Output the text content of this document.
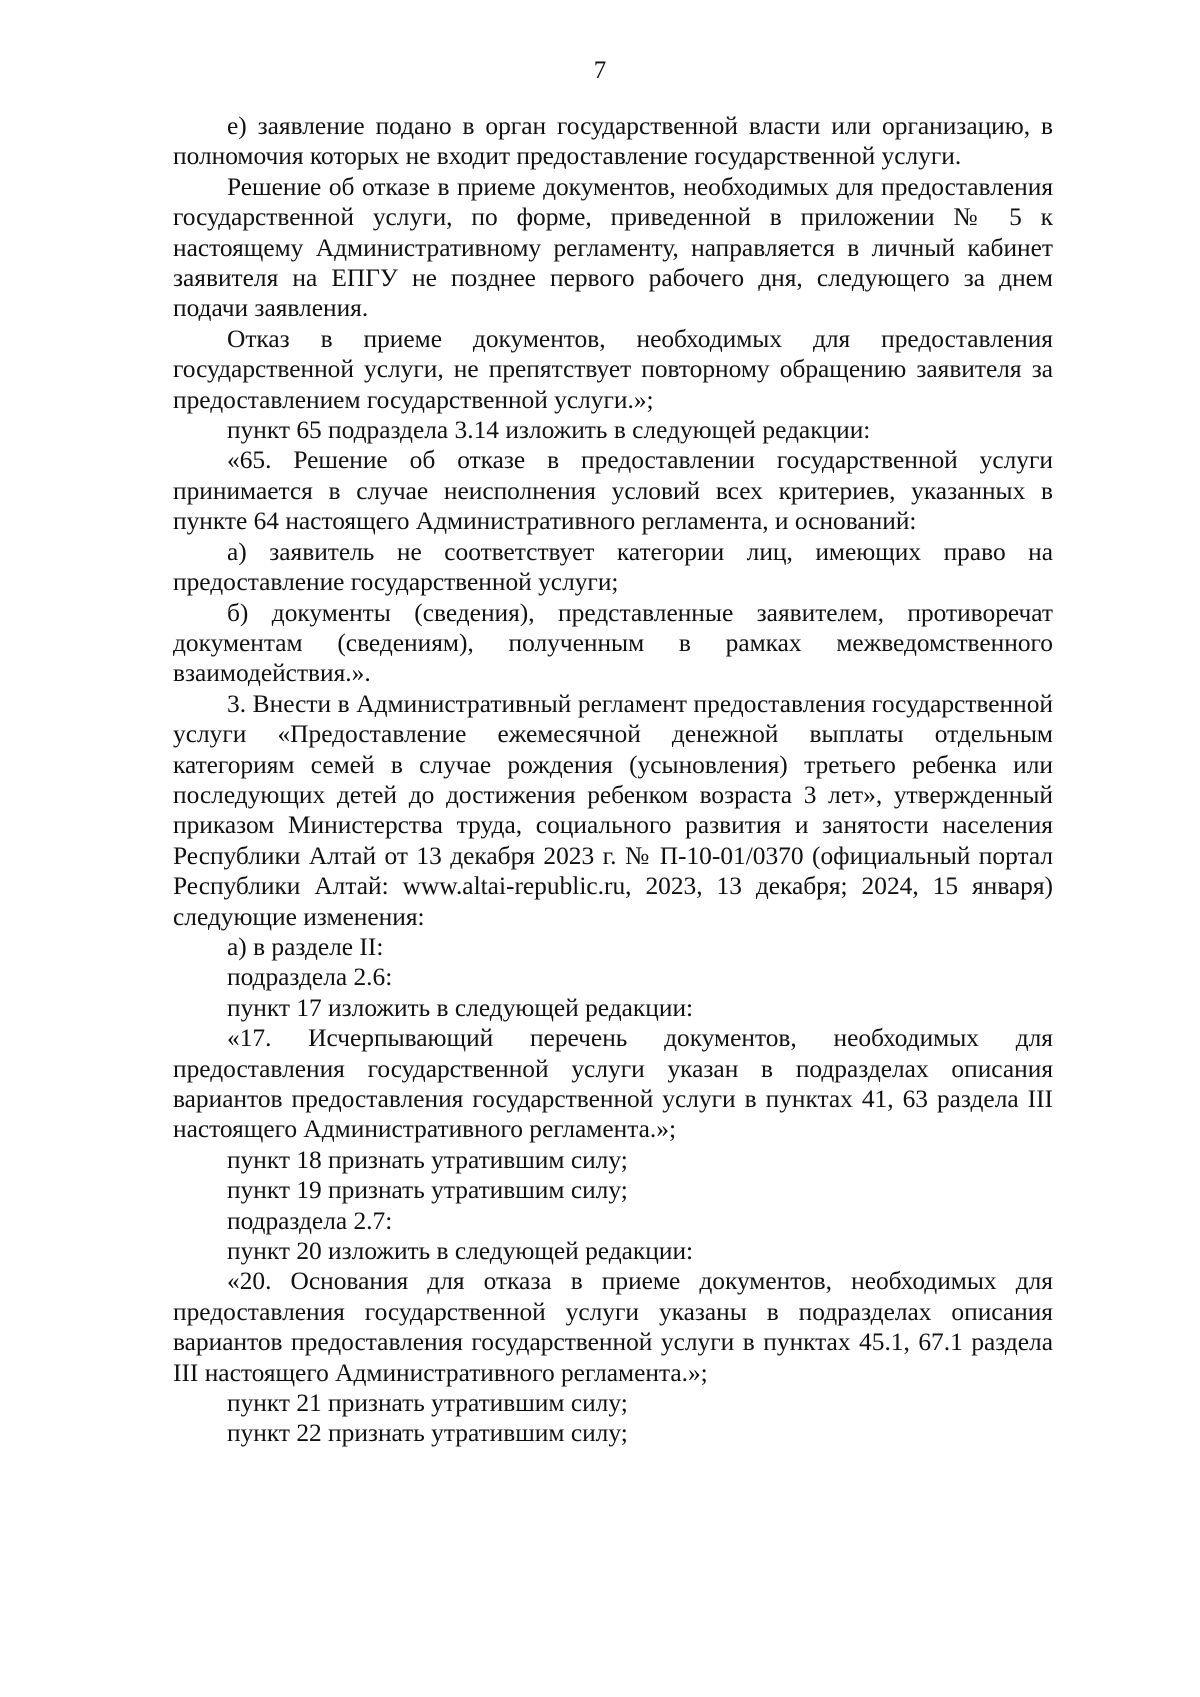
7

е) заявление подано в орган государственной власти или организацию, в полномочия которых не входит предоставление государственной услуги.

Решение об отказе в приеме документов, необходимых для предоставления государственной услуги, по форме, приведенной в приложении № 5 к настоящему Административному регламенту, направляется в личный кабинет заявителя на ЕПГУ не позднее первого рабочего дня, следующего за днем подачи заявления.

Отказ в приеме документов, необходимых для предоставления государственной услуги, не препятствует повторному обращению заявителя за предоставлением государственной услуги.»;

пункт 65 подраздела 3.14 изложить в следующей редакции:

«65. Решение об отказе в предоставлении государственной услуги принимается в случае неисполнения условий всех критериев, указанных в пункте 64 настоящего Административного регламента, и оснований:

а) заявитель не соответствует категории лиц, имеющих право на предоставление государственной услуги;

б) документы (сведения), представленные заявителем, противоречат документам (сведениям), полученным в рамках межведомственного взаимодействия.».

3. Внести в Административный регламент предоставления государственной услуги «Предоставление ежемесячной денежной выплаты отдельным категориям семей в случае рождения (усыновления) третьего ребенка или последующих детей до достижения ребенком возраста 3 лет», утвержденный приказом Министерства труда, социального развития и занятости населения Республики Алтай от 13 декабря 2023 г. № П-10-01/0370 (официальный портал Республики Алтай: www.altai-republic.ru, 2023, 13 декабря; 2024, 15 января) следующие изменения:

а) в разделе II:

подраздела 2.6:

пункт 17 изложить в следующей редакции:

«17. Исчерпывающий перечень документов, необходимых для предоставления государственной услуги указан в подразделах описания вариантов предоставления государственной услуги в пунктах 41, 63 раздела III настоящего Административного регламента.»;

пункт 18 признать утратившим силу;

пункт 19 признать утратившим силу;

подраздела 2.7:

пункт 20 изложить в следующей редакции:

«20. Основания для отказа в приеме документов, необходимых для предоставления государственной услуги указаны в подразделах описания вариантов предоставления государственной услуги в пунктах 45.1, 67.1 раздела III настоящего Административного регламента.»;

пункт 21 признать утратившим силу;

пункт 22 признать утратившим силу;
